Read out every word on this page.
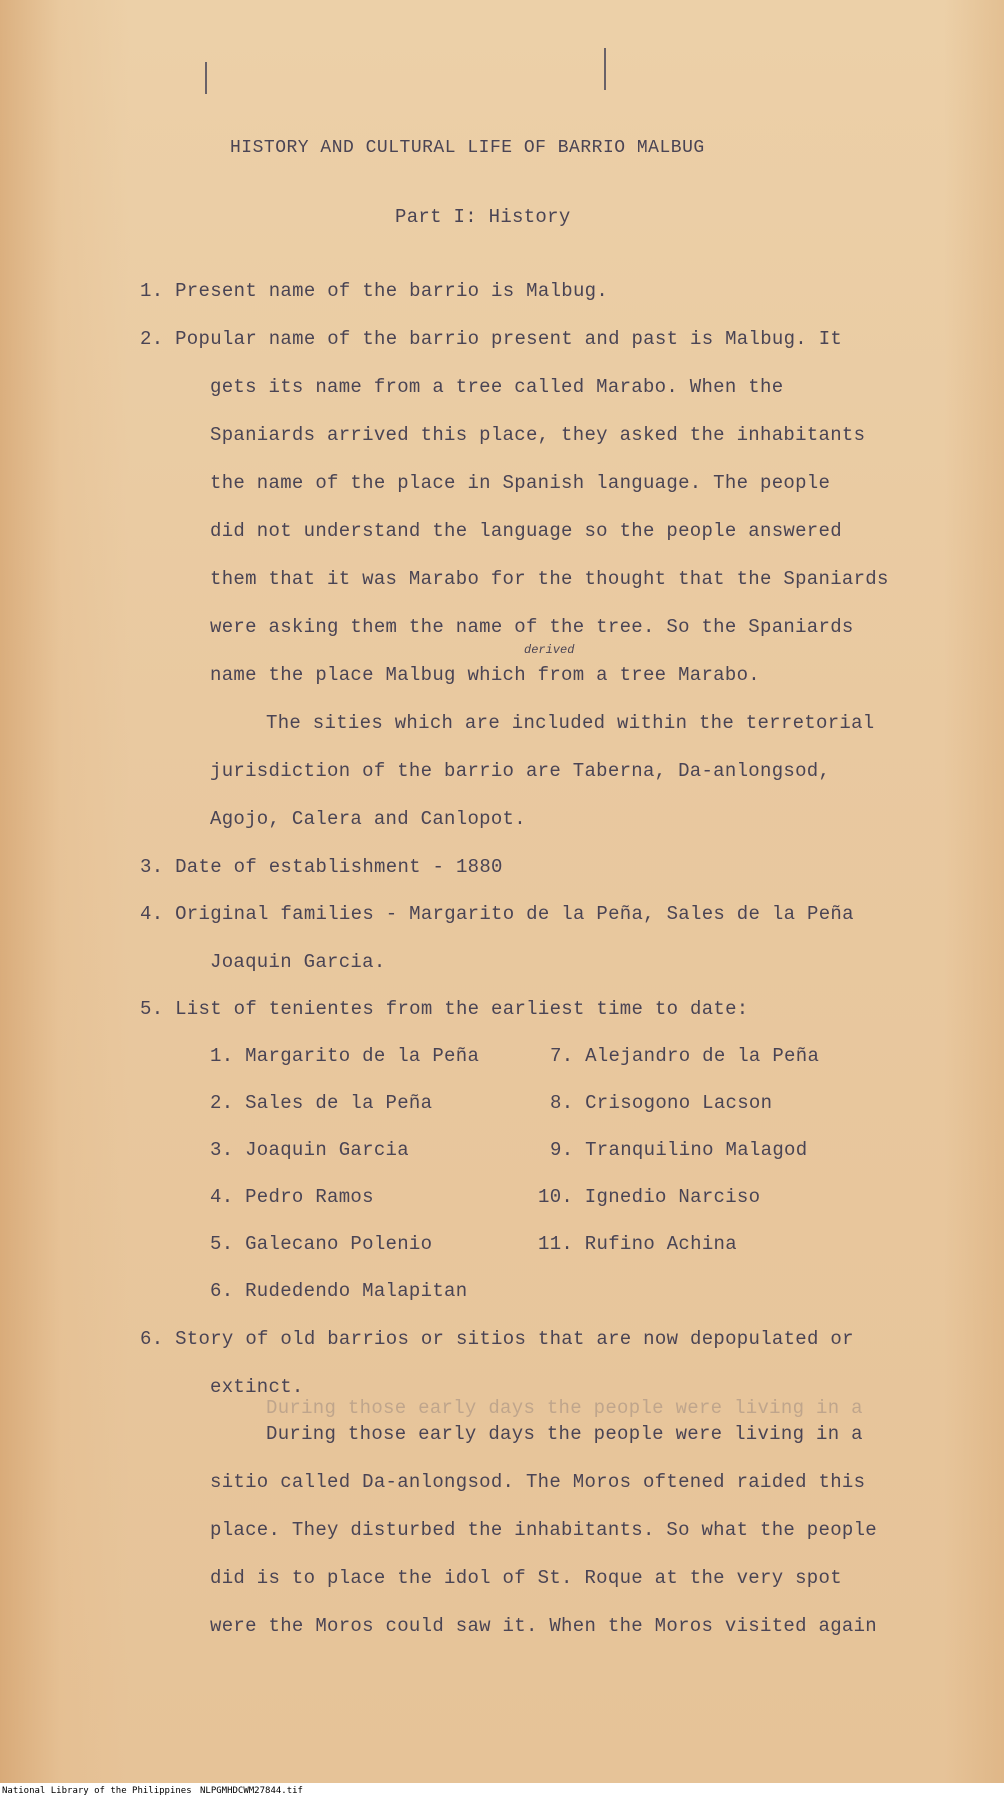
HISTORY AND CULTURAL LIFE OF BARRIO MALBUG
Part I: History
1. Present name of the barrio is Malbug.
2. Popular name of the barrio present and past is Malbug. It
gets its name from a tree called Marabo. When the
Spaniards arrived this place, they asked the inhabitants
the name of the place in Spanish language. The people
did not understand the language so the people answered
them that it was Marabo for the thought that the Spaniards
were asking them the name of the tree. So the Spaniards
name the place Malbug which from a tree Marabo.
derived
The sities which are included within the terretorial
jurisdiction of the barrio are Taberna, Da-anlongsod,
Agojo, Calera and Canlopot.
3. Date of establishment - 1880
4. Original families - Margarito de la Peña, Sales de la Peña
Joaquin Garcia.
5. List of tenientes from the earliest time to date:
1. Margarito de la Peña
2. Sales de la Peña
3. Joaquin Garcia
4. Pedro Ramos
5. Galecano Polenio
6. Rudedendo Malapitan
7. Alejandro de la Peña
8. Crisogono Lacson
9. Tranquilino Malagod
10. Ignedio Narciso
11. Rufino Achina
6. Story of old barrios or sitios that are now depopulated or
extinct.
During those early days the people were living in a
During those early days the people were living in a
sitio called Da-anlongsod. The Moros oftened raided this
place. They disturbed the inhabitants. So what the people
did is to place the idol of St. Roque at the very spot
were the Moros could saw it. When the Moros visited again
National Library of the Philippines NLPGMHDCWM27844.tif
